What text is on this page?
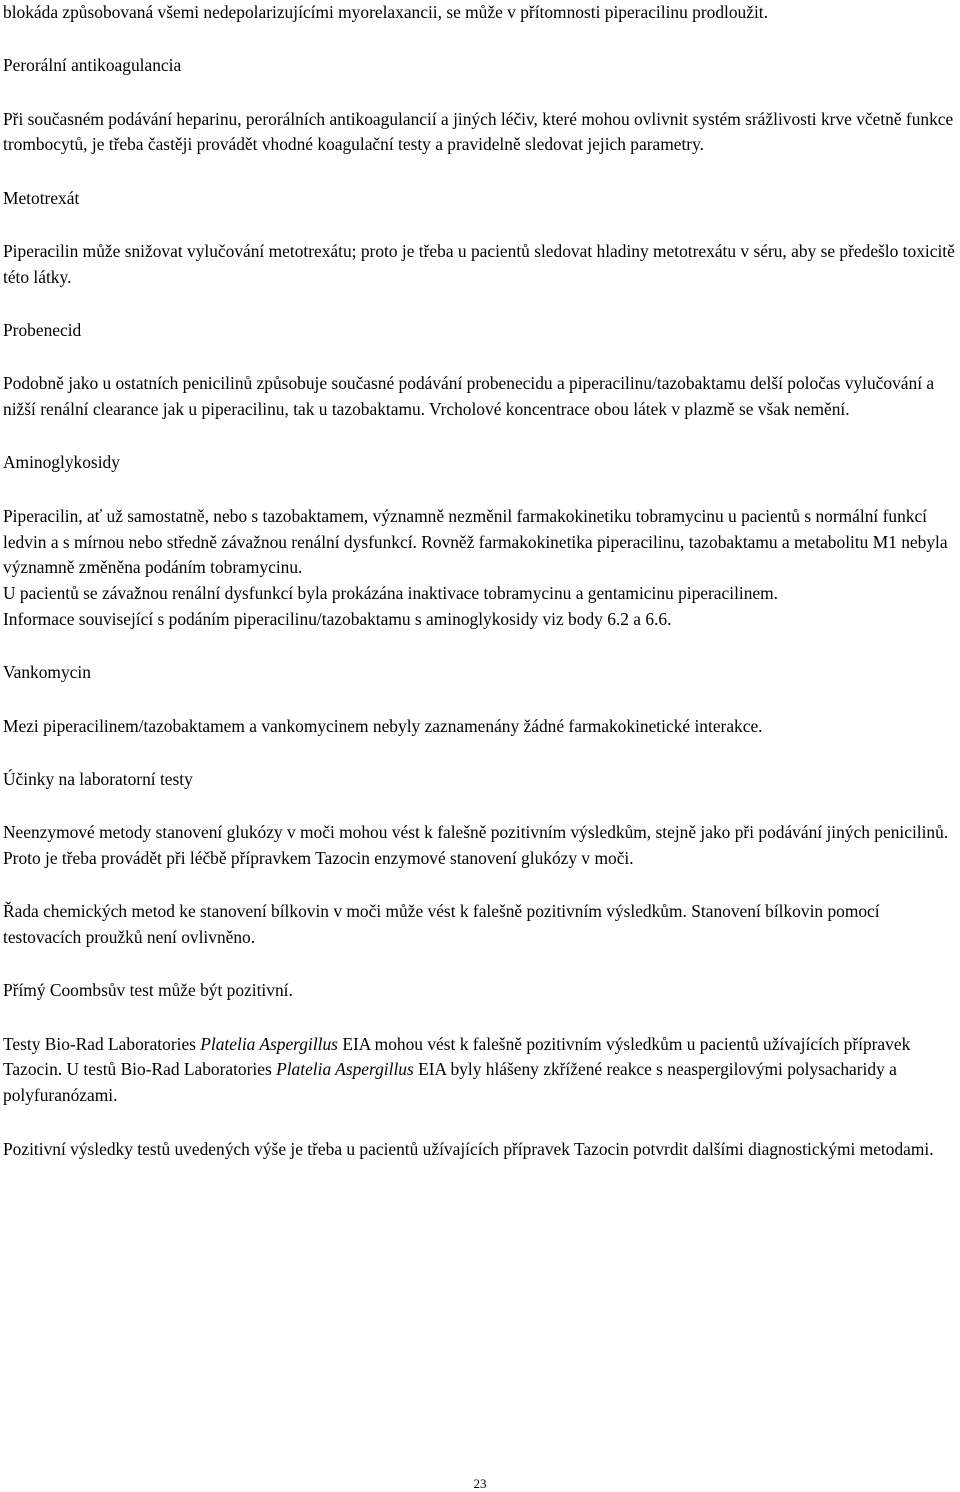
blokáda způsobovaná všemi nedepolarizujícími myorelaxancii, se může v přítomnosti piperacilinu prodloužit.

Perorální antikoagulancia

Při současném podávání heparinu, perorálních antikoagulancií a jiných léčiv, které mohou ovlivnit systém srážlivosti krve včetně funkce trombocytů, je třeba častěji provádět vhodné koagulační testy a pravidelně sledovat jejich parametry.

Metotrexát

Piperacilin může snižovat vylučování metotrexátu; proto je třeba u pacientů sledovat hladiny metotrexátu v séru, aby se předešlo toxicitě této látky.

Probenecid

Podobně jako u ostatních penicilinů způsobuje současné podávání probenecidu a piperacilinu/tazobaktamu delší poločas vylučování a nižší renální clearance jak u piperacilinu, tak u tazobaktamu. Vrcholové koncentrace obou látek v plazmě se však nemění.

Aminoglykosidy

Piperacilin, ať už samostatně, nebo s tazobaktamem, významně nezměnil farmakokinetiku tobramycinu u pacientů s normální funkcí ledvin a s mírnou nebo středně závažnou renální dysfunkcí. Rovněž farmakokinetika piperacilinu, tazobaktamu a metabolitu M1 nebyla významně změněna podáním tobramycinu.

U pacientů se závažnou renální dysfunkcí byla prokázána inaktivace tobramycinu a gentamicinu piperacilinem.

Informace související s podáním piperacilinu/tazobaktamu s aminoglykosidy viz body 6.2 a 6.6.

Vankomycin

Mezi piperacilinem/tazobaktamem a vankomycinem nebyly zaznamenány žádné farmakokinetické interakce.

Účinky na laboratorní testy

Neenzymové metody stanovení glukózy v moči mohou vést k falešně pozitivním výsledkům, stejně jako při podávání jiných penicilinů. Proto je třeba provádět při léčbě přípravkem Tazocin enzymové stanovení glukózy v moči.

Řada chemických metod ke stanovení bílkovin v moči může vést k falešně pozitivním výsledkům. Stanovení bílkovin pomocí testovacích proužků není ovlivněno.

Přímý Coombsův test může být pozitivní.

Testy Bio-Rad Laboratories Platelia Aspergillus EIA mohou vést k falešně pozitivním výsledkům u pacientů užívajících přípravek Tazocin. U testů Bio-Rad Laboratories Platelia Aspergillus EIA byly hlášeny zkřížené reakce s neaspergilovými polysacharidy a polyfuranózami.

Pozitivní výsledky testů uvedených výše je třeba u pacientů užívajících přípravek Tazocin potvrdit dalšími diagnostickými metodami.

23
